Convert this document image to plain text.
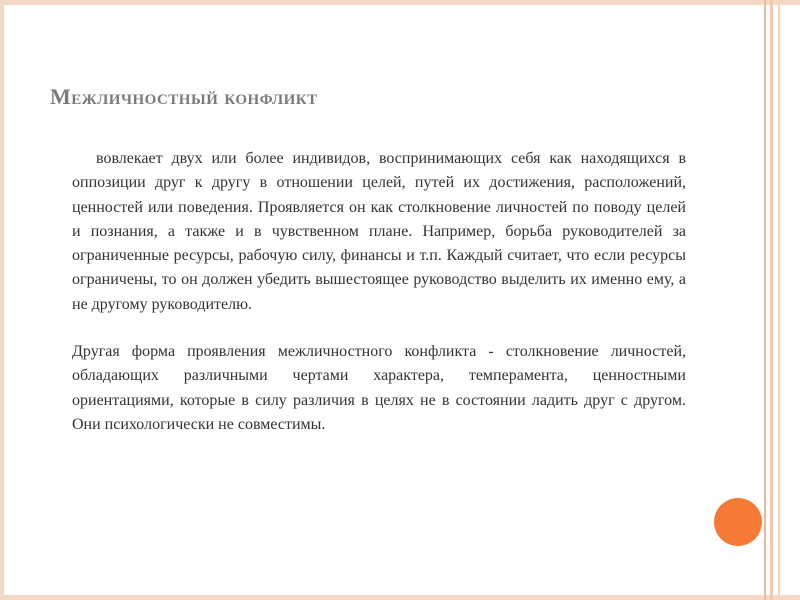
Межличностный конфликт

вовлекает двух или более индивидов, воспринимающих себя как находящихся в оппозиции друг к другу в отношении целей, путей их достижения, расположений, ценностей или поведения. Проявляется он как столкновение личностей по поводу целей и познания, а также и в чувственном плане. Например, борьба руководителей за ограниченные ресурсы, рабочую силу, финансы и т.п. Каждый считает, что если ресурсы ограничены, то он должен убедить вышестоящее руководство выделить их именно ему, а не другому руководителю.

Другая форма проявления межличностного конфликта - столкновение личностей, обладающих различными чертами характера, темперамента, ценностными ориентациями, которые в силу различия в целях не в состоянии ладить друг с другом. Они психологически не совместимы.
